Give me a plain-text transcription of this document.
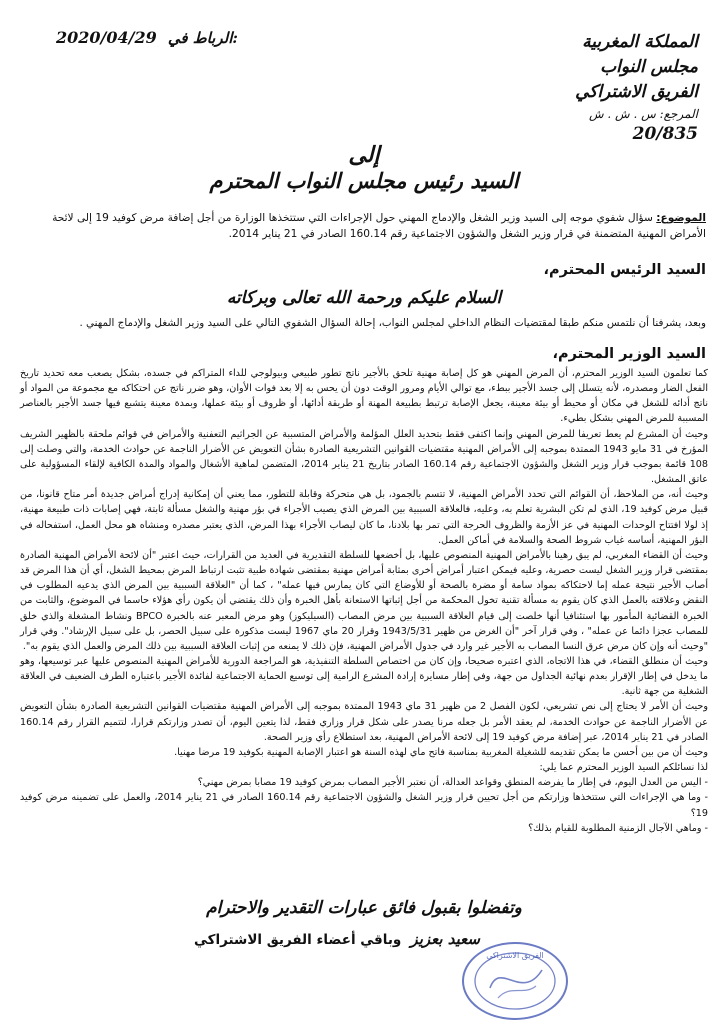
2020/04/29 الرباط في:	المملكة المغربية
مجلس النواب
الفريق الاشتراكي
المرجع: س . ش . ش
20/835
إلى
السيد رئيس مجلس النواب المحترم
الموضوع: سؤال شفوي موجه إلى السيد وزير الشغل والإدماج المهني حول الإجراءات التي ستتخذها الوزارة من أجل إضافة مرض كوفيد 19 إلى لائحة الأمراض المهنية المتضمنة في قرار وزير الشغل والشؤون الاجتماعية رقم 160.14 الصادر في 21 يناير 2014.
السيد الرئيس المحترم،
السلام عليكم ورحمة الله تعالى وبركاته
وبعد، يشرفنا أن نلتمس منكم طبقا لمقتضيات النظام الداخلي لمجلس النواب، إحالة السؤال الشفوي التالي على السيد وزير الشغل والإدماج المهني .
السيد الوزير المحترم،

كما تعلمون السيد الوزير المحترم، أن المرض المهني هو كل إصابة مهنية تلحق بالأجير ناتج تطور طبيعي وبيولوجي للداء المتراكم في جسده، بشكل يصعب معه تحديد تاريخ الفعل الضار ومصدره، لأنه يتسلل إلى جسد الأجير ببطء، مع توالي الأيام ومرور الوقت دون أن يحس به إلا بعد فوات الأوان، وهو ضرر ناتج عن احتكاكه مع مجموعة من المواد أو ناتج أدائه للشغل في مكان أو محيط أو بيئة معينة، يجعل الإصابة ترتبط بطبيعة المهنة أو طريقة أدائها، أو ظروف أو بيئة عملها، وبمدة معينة يتشبع فيها جسد الأجير بالعناصر المسببة للمرض المهني بشكل بطيء.

وحيث أن المشرع لم يعط تعريفا للمرض المهني وإنما اكتفى فقط بتحديد العلل المؤلمة والأمراض المتسببة عن الجراثيم التعفنية والأمراض في قوائم ملحقة بالظهير الشريف المؤرخ في 31 مايو 1943 الممتدة بموجبه إلى الأمراض المهنية مقتضيات القوانين التشريعية الصادرة بشأن التعويض عن الأضرار الناجمة عن حوادث الخدمة، والتي وصلت إلى 108 قائمة بموجب قرار وزير الشغل والشؤون الاجتماعية رقم 160.14 الصادر بتاريخ 21 يناير 2014، المتضمن لماهية الأشغال والمواد والمدة الكافية لإلقاء المسؤولية على عاتق المشغل.

وحيث أنه، من الملاحظ، أن القوائم التي تحدد الأمراض المهنية، لا تتسم بالجمود، بل هي متحركة وقابلة للتطور، مما يعني أن إمكانية إدراج أمراض جديدة أمر متاح قانونا، من قبيل مرض كوفيد 19، الذي لم تكن البشرية تعلم به، وعليه، فالعلاقة السببية بين المرض الذي يصيب الأجراء في بؤر مهنية والشغل مسألة ثابتة، فهي إصابات ذات طبيعة مهنية، إذ لولا افتتاح الوحدات المهنية في عز الأزمة والظروف الحرجة التي تمر بها بلادنا، ما كان ليصاب الأجراء بهذا المرض، الذي يعتبر مصدره ومنشاه هو محل العمل، استفحاله في البؤر المهنية، أساسه غياب شروط الصحة والسلامة في أماكن العمل.

وحيث أن القضاء المغربي، لم يبق رهينا بالأمراض المهنية المنصوص عليها، بل أخضعها للسلطة التقديرية في العديد من القرارات، حيث اعتبر "أن لائحة الأمراض المهنية الصادرة بمقتضى قرار وزير الشغل ليست حصرية، وعليه فيمكن اعتبار أمراض أخرى بمثابة أمراض مهنية بمقتضى شهادة طبية تثبت ارتباط المرض بمحيط الشغل، أي أن هذا المرض قد أصاب الأجير نتيجة عمله إما لاحتكاكه بمواد سامة أو مضرة بالصحة أو للأوضاع التي كان يمارس فيها عمله" ، كما أن "العلاقة السببية بين المرض الذي يدعيه المطلوب في النقض وعلاقته بالعمل الذي كان يقوم به مسألة تقنية تخول المحكمة من أجل إثباتها الاستعانة بأهل الخبرة وأن ذلك يقتضي أن يكون رأي هؤلاء حاسما في الموضوع، والثابت من الخبرة القضائية المأمور بها استئنافيا أنها خلصت إلى قيام العلاقة السببية بين مرض المصاب (السيليكوز) وهو مرض المعبر عنه بالخبرة BPCO ونشاط المشغلة والذي خلق للمصاب عجزا دائما عن عمله" ، وفي قرار آخر "أن الغرض من ظهير 1943/5/31 وقرار 20 ماي 1967 ليست مذكورة على سبيل الحصر، بل على سبيل الإرشاد". وفي قرار "وحيث أنه وإن كان مرض عرق النسا المصاب به الأجير غير وارد في جدول الأمراض المهنية، فإن ذلك لا يمنعه من إثبات العلاقة السببية بين ذلك المرض والعمل الذي يقوم به".

وحيث أن منطلق القضاء، في هذا الاتجاه، الذي اعتبره صحيحا، وإن كان من اختصاص السلطة التنفيذية، هو المراجعة الدورية للأمراض المهنية المنصوص عليها عبر توسيعها، وهو ما يدخل في إطار الإقرار بعدم نهائية الجداول من جهة، وفي إطار مسايرة إرادة المشرع الرامية إلى توسيع الحماية الاجتماعية لفائدة الأجير باعتباره الطرف الضعيف في العلاقة الشغلية من جهة ثانية.

وحيث أن الأمر لا يحتاج إلى نص تشريعي، لكون الفصل 2 من ظهير 31 ماي 1943 الممتدة بموجبه إلى الأمراض المهنية مقتضيات القوانين التشريعية الصادرة بشأن التعويض عن الأضرار الناجمة عن حوادث الخدمة، لم يعقد الأمر بل جعله مرنا يصدر على شكل قرار وزاري فقط، لذا يتعين اليوم، أن تصدر وزارتكم قرارا، لتتميم القرار رقم 160.14 الصادر في 21 يناير 2014، عبر إضافة مرض كوفيد 19 إلى لائحة الأمراض المهنية، بعد استطلاع رأي وزير الصحة.

وحيث أن من بين أحسن ما يمكن تقديمه للشغيلة المغربية بمناسبة فاتح ماي لهذه السنة هو اعتبار الإصابة المهنية بكوفيد 19 مرضا مهنيا.

لذا نسائلكم السيد الوزير المحترم عما يلي:

- اليس من العدل اليوم، في إطار ما يفرضه المنطق وقواعد العدالة، أن نعتبر الأجير المصاب بمرض كوفيد 19 مصابا بمرض مهني؟

- وما هي الإجراءات التي ستتخذها وزارتكم من أجل تحيين قرار وزير الشغل والشؤون الاجتماعية رقم 160.14 الصادر في 21 يناير 2014، والعمل على تضمينه مرض كوفيد 19؟

- وماهي الآجال الزمنية المطلوبة للقيام بذلك؟

وتفضلوا بقبول فائق عبارات التقدير والاحترام
سعيد بعزيز
وباقي أعضاء الفريق الاشتراكي
الفريق الاشتراكي
